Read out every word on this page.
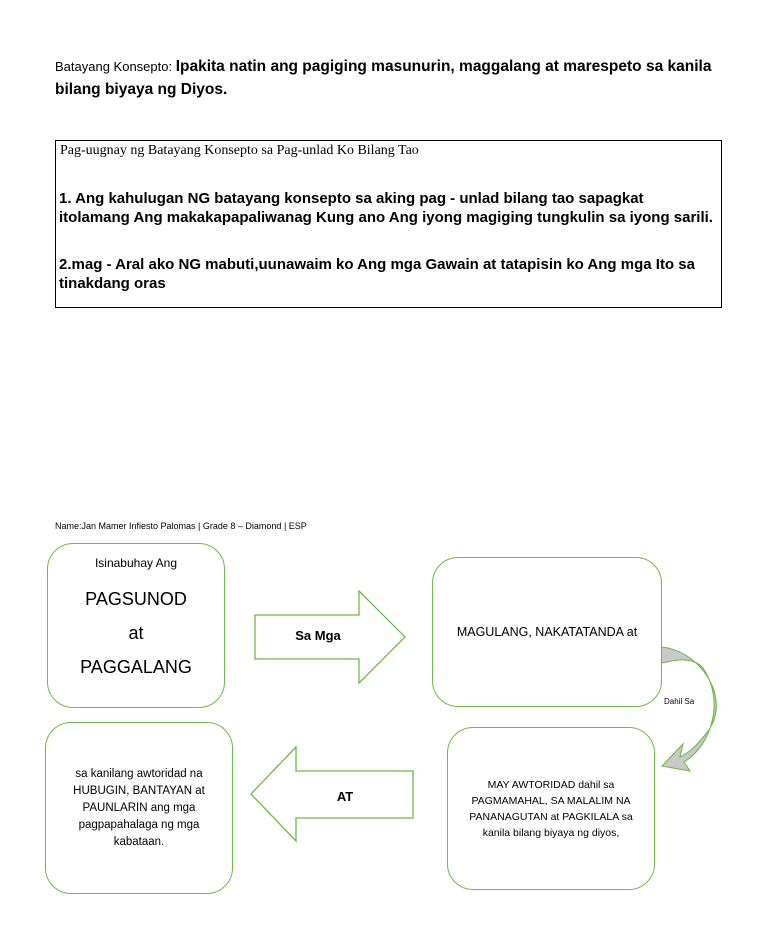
Batayang Konsepto: Ipakita natin ang pagiging masunurin, maggalang at marespeto sa kanila bilang biyaya ng Diyos.
Pag-uugnay ng Batayang Konsepto sa Pag-unlad Ko Bilang Tao
1. Ang kahulugan NG batayang konsepto sa aking pag - unlad bilang tao sapagkat itolamang Ang makakapapaliwanag Kung ano Ang iyong magiging tungkulin sa iyong sarili.
2.mag - Aral ako NG mabuti,uunawaim ko Ang mga Gawain at tatapisin ko Ang mga Ito sa tinakdang oras
Name:Jan Mamer Infiesto Palomas | Grade 8 – Diamond | ESP
Isinabuhay Ang
PAGSUNOD
at
PAGGALANG
Sa Mga	MAGULANG, NAKATATANDA at
Dahil Sa
MAY AWTORIDAD dahil sa PAGMAMAHAL, SA MALALIM NA PANANAGUTAN at PAGKILALA sa kanila bilang biyaya ng diyos,
AT
sa kanilang awtoridad na HUBUGIN, BANTAYAN at PAUNLARIN ang mga pagpapahalaga ng mga kabataan.
